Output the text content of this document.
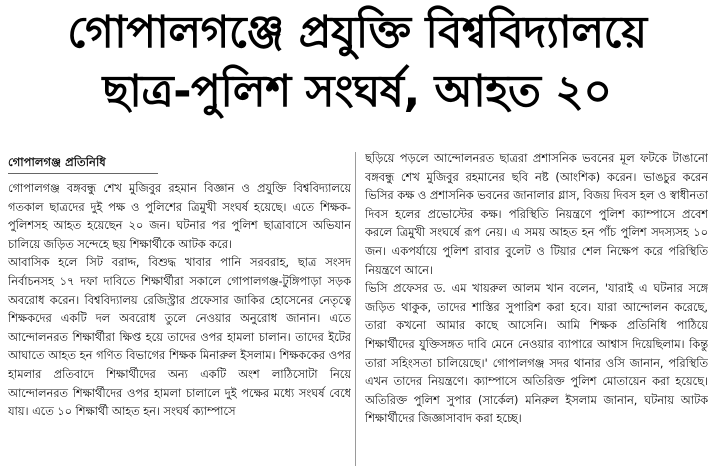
গোপালগঞ্জে প্রযুক্তি বিশ্ববিদ্যালয়ে
ছাত্র-পুলিশ সংঘর্ষ, আহত ২০
গোপালগঞ্জ প্রতিনিধি

গোপালগঞ্জ বঙ্গবন্ধু শেখ মুজিবুর রহমান বিজ্ঞান ও প্রযুক্তি বিশ্ববিদ্যালয়ে গতকাল ছাত্রদের দুই পক্ষ ও পুলিশের ত্রিমুখী সংঘর্ষ হয়েছে। এতে শিক্ষক-পুলিশসহ আহত হয়েছেন ২০ জন। ঘটনার পর পুলিশ ছাত্রাবাসে অভিযান চালিয়ে জড়িত সন্দেহে ছয় শিক্ষার্থীকে আটক করে।

আবাসিক হলে সিট বরাদ্দ, বিশুদ্ধ খাবার পানি সরবরাহ, ছাত্র সংসদ নির্বাচনসহ ১৭ দফা দাবিতে শিক্ষার্থীরা সকালে গোপালগঞ্জ-টুঙ্গিপাড়া সড়ক অবরোধ করেন। বিশ্ববিদ্যালয় রেজিস্ট্রার প্রফেসার জাকির হোসেনের নেতৃত্বে শিক্ষকদের একটি দল অবরোধ তুলে নেওয়ার অনুরোধ জানান। এতে আন্দোলনরত শিক্ষার্থীরা ক্ষিপ্ত হয়ে তাদের ওপর হামলা চালান। তাদের ইটের আঘাতে আহত হন গণিত বিভাগের শিক্ষক মিনারুল ইসলাম। শিক্ষককের ওপর হামলার প্রতিবাদে শিক্ষার্থীদের অন্য একটি অংশ লাঠিসোটা নিয়ে আন্দোলনরত শিক্ষার্থীদের ওপর হামলা চালালে দুই পক্ষের মধ্যে সংঘর্ষ বেধে যায়। এতে ১০ শিক্ষার্থী আহত হন। সংঘর্ষ ক্যাম্পাসে

ছড়িয়ে পড়লে আন্দোলনরত ছাত্ররা প্রশাসনিক ভবনের মূল ফটকে টাঙানো বঙ্গবন্ধু শেখ মুজিবুর রহমানের ছবি নষ্ট (আংশিক) করেন। ভাঙচুর করেন ভিসির কক্ষ ও প্রশাসনিক ভবনের জানালার গ্লাস, বিজয় দিবস হল ও স্বাধীনতা দিবস হলের প্রভোস্টের কক্ষ। পরিস্থিতি নিয়ন্ত্রণে পুলিশ ক্যাম্পাসে প্রবেশ করলে ত্রিমুখী সংঘর্ষে রূপ নেয়। এ সময় আহত হন পাঁচ পুলিশ সদস্যসহ ১০ জন। একপর্যায়ে পুলিশ রাবার বুলেট ও টিয়ার শেল নিক্ষেপ করে পরিস্থিতি নিয়ন্ত্রণে আনে।

ভিসি প্রফেসর ড. এম খায়রুল আলম খান বলেন, 'যারাই এ ঘটনার সঙ্গে জড়িত থাকুক, তাদের শাস্তির সুপারিশ করা হবে। যারা আন্দোলন করেছে, তারা কখনো আমার কাছে আসেনি। আমি শিক্ষক প্রতিনিধি পাঠিয়ে শিক্ষার্থীদের যুক্তিসঙ্গত দাবি মেনে নেওয়ার ব্যাপারে আশ্বাস দিয়েছিলাম। কিন্তু তারা সহিংসতা চালিয়েছে।' গোপালগঞ্জ সদর থানার ওসি জানান, পরিস্থিতি এখন তাদের নিয়ন্ত্রণে। ক্যাম্পাসে অতিরিক্ত পুলিশ মোতায়েন করা হয়েছে। অতিরিক্ত পুলিশ সুপার (সার্কেল) মনিরুল ইসলাম জানান, ঘটনায় আটক শিক্ষার্থীদের জিজ্ঞাসাবাদ করা হচ্ছে।
